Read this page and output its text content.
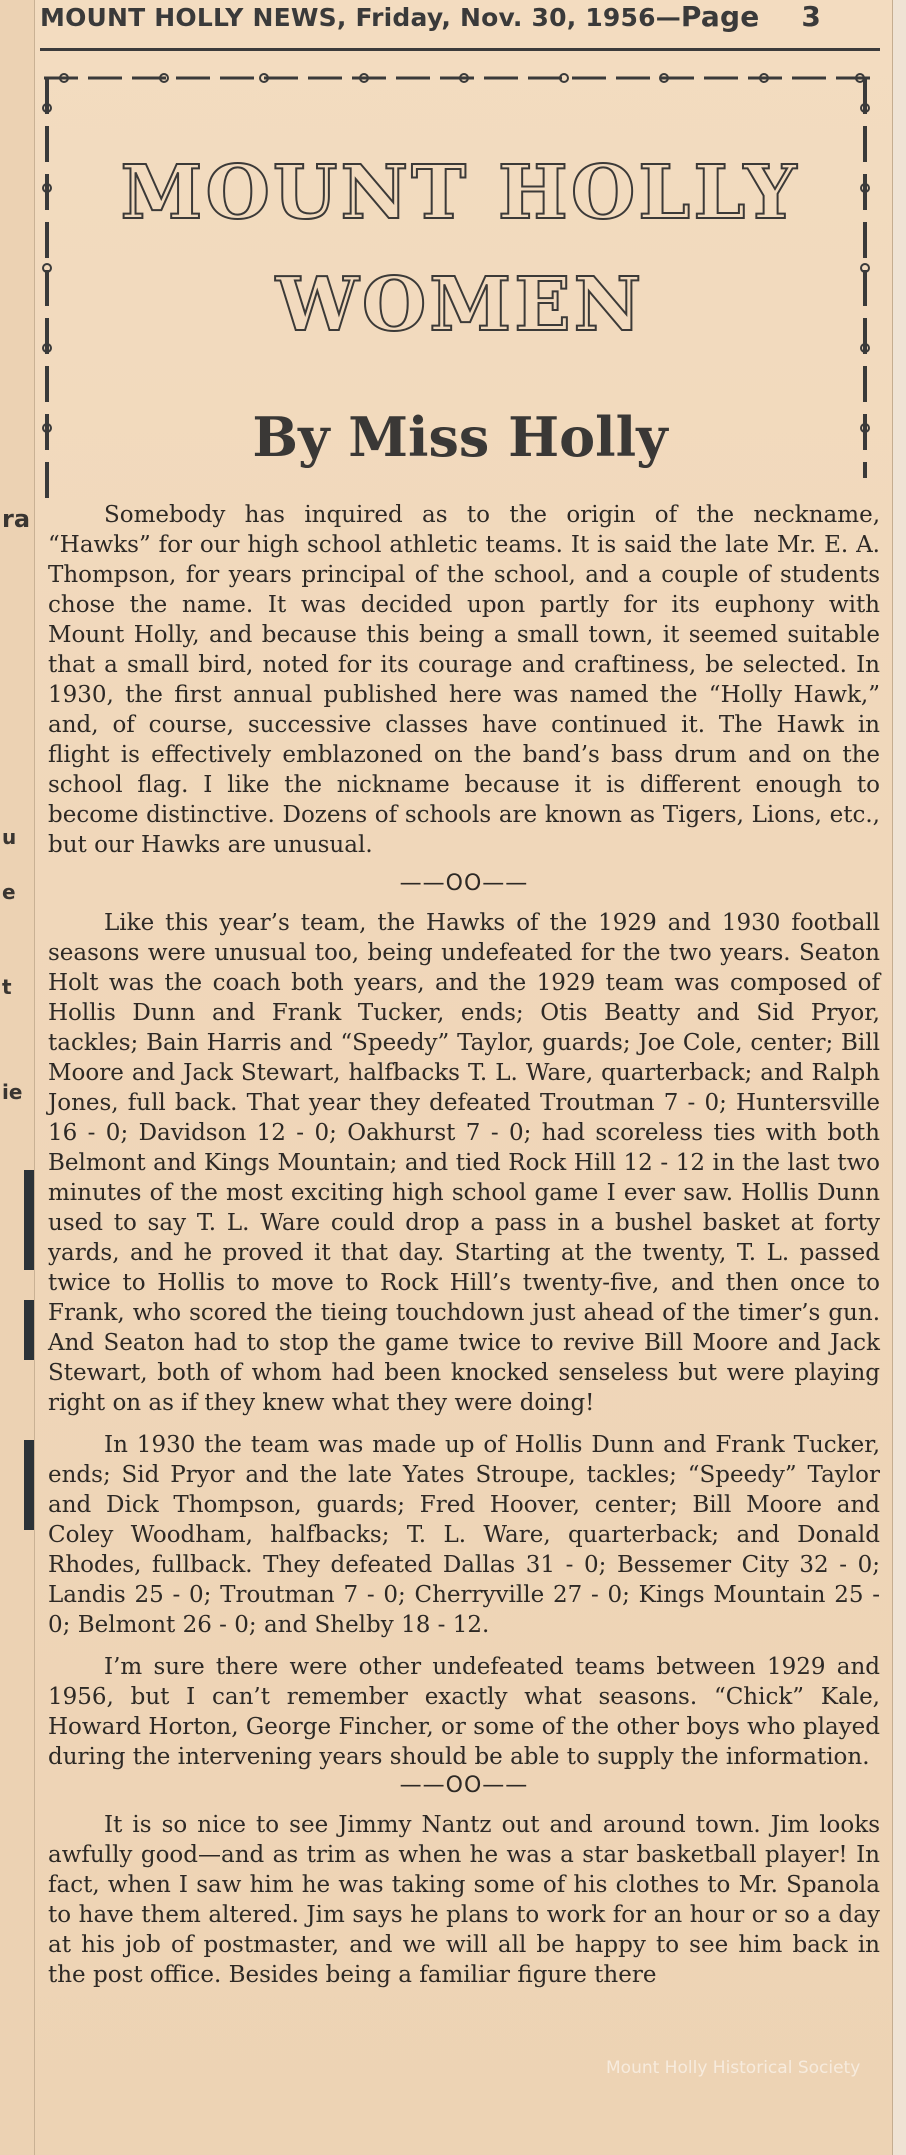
ra
u
e
t
ie
MOUNT HOLLY NEWS, Friday, Nov. 30, 1956—Page 3
MOUNT HOLLY
WOMEN
By Miss Holly

Somebody has inquired as to the origin of the neckname, “Hawks” for our high school athletic teams. It is said the late Mr. E. A. Thompson, for years principal of the school, and a couple of students chose the name. It was decided upon partly for its euphony with Mount Holly, and because this being a small town, it seemed suitable that a small bird, noted for its courage and craftiness, be selected. In 1930, the first annual published here was named the “Holly Hawk,” and, of course, successive classes have continued it. The Hawk in flight is effectively emblazoned on the band’s bass drum and on the school flag. I like the nickname because it is different enough to become distinctive. Dozens of schools are known as Tigers, Lions, etc., but our Hawks are unusual.

——OO——

Like this year’s team, the Hawks of the 1929 and 1930 football seasons were unusual too, being undefeated for the two years. Seaton Holt was the coach both years, and the 1929 team was composed of Hollis Dunn and Frank Tucker, ends; Otis Beatty and Sid Pryor, tackles; Bain Harris and “Speedy” Taylor, guards; Joe Cole, center; Bill Moore and Jack Stewart, halfbacks T. L. Ware, quarterback; and Ralph Jones, full back. That year they defeated Troutman 7 - 0; Huntersville 16 - 0; Davidson 12 - 0; Oakhurst 7 - 0; had scoreless ties with both Belmont and Kings Mountain; and tied Rock Hill 12 - 12 in the last two minutes of the most exciting high school game I ever saw. Hollis Dunn used to say T. L. Ware could drop a pass in a bushel basket at forty yards, and he proved it that day. Starting at the twenty, T. L. passed twice to Hollis to move to Rock Hill’s twenty-five, and then once to Frank, who scored the tieing touchdown just ahead of the timer’s gun. And Seaton had to stop the game twice to revive Bill Moore and Jack Stewart, both of whom had been knocked senseless but were playing right on as if they knew what they were doing!

In 1930 the team was made up of Hollis Dunn and Frank Tucker, ends; Sid Pryor and the late Yates Stroupe, tackles; “Speedy” Taylor and Dick Thompson, guards; Fred Hoover, center; Bill Moore and Coley Woodham, halfbacks; T. L. Ware, quarterback; and Donald Rhodes, fullback. They defeated Dallas 31 - 0; Bessemer City 32 - 0; Landis 25 - 0; Troutman 7 - 0; Cherryville 27 - 0; Kings Mountain 25 - 0; Belmont 26 - 0; and Shelby 18 - 12.

I’m sure there were other undefeated teams between 1929 and 1956, but I can’t remember exactly what seasons. “Chick” Kale, Howard Horton, George Fincher, or some of the other boys who played during the intervening years should be able to supply the information.

——OO——

It is so nice to see Jimmy Nantz out and around town. Jim looks awfully good—and as trim as when he was a star basketball player! In fact, when I saw him he was taking some of his clothes to Mr. Spanola to have them altered. Jim says he plans to work for an hour or so a day at his job of postmaster, and we will all be happy to see him back in the post office. Besides being a familiar figure there

Mount Holly Historical Society
